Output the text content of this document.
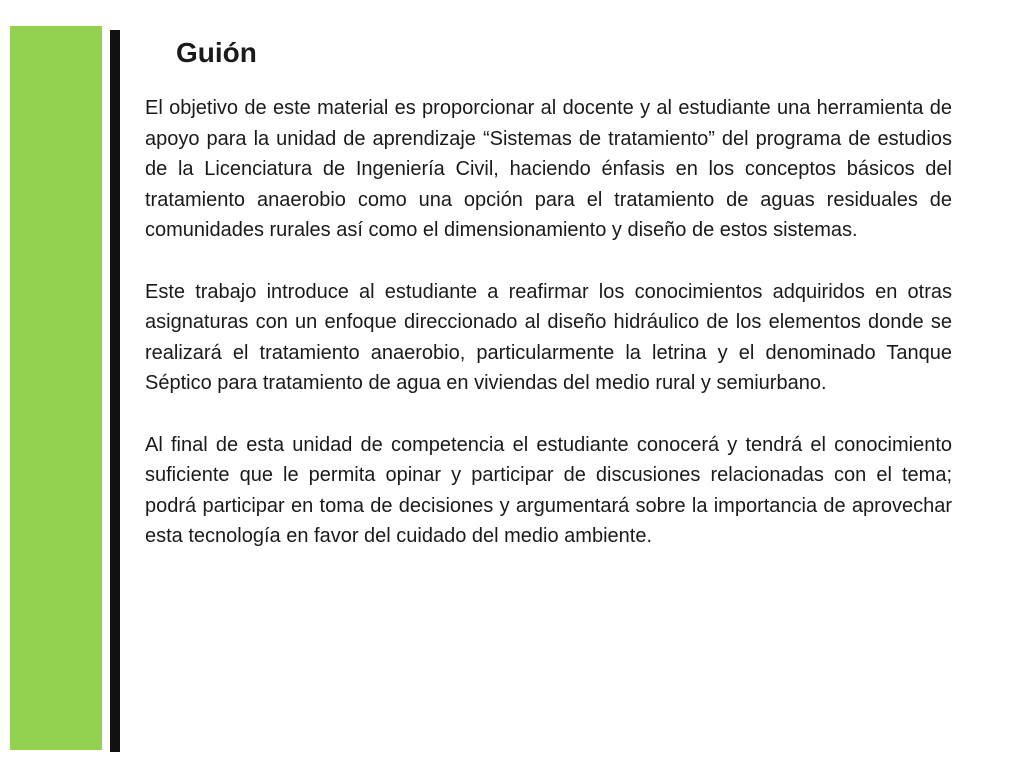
Guión

El objetivo de este material es proporcionar al docente y al estudiante una herramienta de apoyo para la unidad de aprendizaje “Sistemas de tratamiento” del programa de estudios de la Licenciatura de Ingeniería Civil, haciendo énfasis en los conceptos básicos del tratamiento anaerobio como una opción para el tratamiento de aguas residuales de comunidades rurales así como el dimensionamiento y diseño de estos sistemas.

Este trabajo introduce al estudiante a reafirmar los conocimientos adquiridos en otras asignaturas con un enfoque direccionado al diseño hidráulico de los elementos donde se realizará el tratamiento anaerobio, particularmente la letrina y el denominado Tanque Séptico para tratamiento de agua en viviendas del medio rural y semiurbano.

Al final de esta unidad de competencia el estudiante conocerá y tendrá el conocimiento suficiente que le permita opinar y participar de discusiones relacionadas con el tema; podrá participar en toma de decisiones y argumentará sobre la importancia de aprovechar esta tecnología en favor del cuidado del medio ambiente.
